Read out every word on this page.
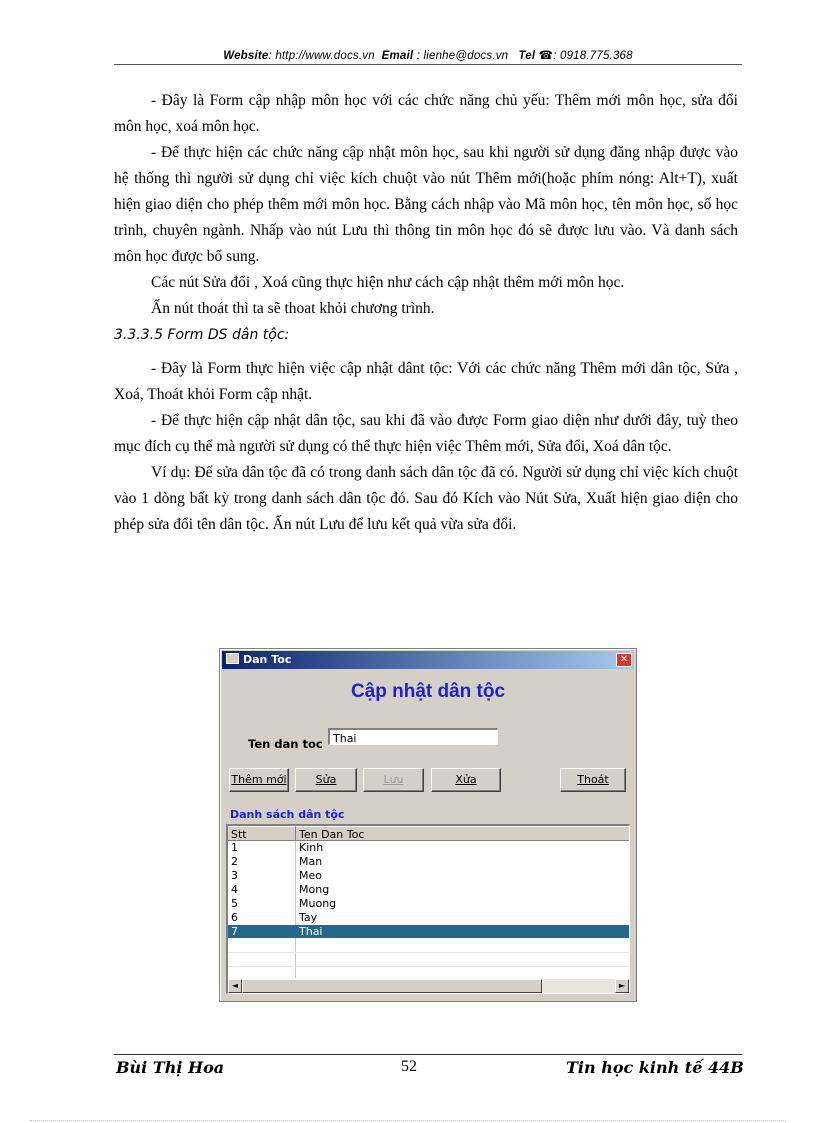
Website: http://www.docs.vn Email : lienhe@docs.vn Tel ☎: 0918.775.368

- Đây là Form cập nhập môn học với các chức năng chủ yếu: Thêm mới môn học, sửa đổi môn học, xoá môn học.

- Để thực hiện các chức năng cập nhật môn học, sau khi người sử dụng đăng nhập được vào hệ thống thì người sử dụng chỉ việc kích chuột vào nút Thêm mới(hoặc phím nóng: Alt+T), xuất hiện giao diện cho phép thêm mới môn học. Bằng cách nhập vào Mã môn học, tên môn học, số học trình, chuyên ngành. Nhấp vào nút Lưu thì thông tin môn học đó sẽ được lưu vào. Và danh sách môn học được bổ sung.

Các nút Sửa đổi , Xoá cũng thực hiện như cách cập nhật thêm mới môn học.

Ấn nút thoát thì ta sẽ thoat khỏi chương trình.

3.3.3.5 Form DS dân tộc:

- Đây là Form thực hiện việc cập nhật dânt tộc: Với các chức năng Thêm mới dân tộc, Sửa , Xoá, Thoát khỏi Form cập nhật.

- Để thực hiện cập nhật dân tộc, sau khi đã vào được Form giao diện như dưới đây, tuỳ theo mục đích cụ thể mà người sử dụng có thể thực hiện việc Thêm mới, Sửa đổi, Xoá dân tộc.

Ví dụ: Để sửa dân tộc đã có trong danh sách dân tộc đã có. Người sử dụng chỉ việc kích chuột vào 1 dòng bất kỳ trong danh sách dân tộc đó. Sau đó Kích vào Nút Sửa, Xuất hiện giao diện cho phép sửa đổi tên dân tộc. Ấn nút Lưu để lưu kết quả vừa sửa đổi.

Dan Toc	✕
Cập nhật dân tộc
Ten dan toc Thai
Thêm mới	Sửa	Lưu	Xửa	Thoát
Danh sách dân tộc
Stt	Ten Dan Toc
1	Kinh
2	Man
3	Meo
4	Mong
5	Muong
6	Tay
7	Thai
◄	►
Bùi Thị Hoa	52	Tin học kinh tế 44B
